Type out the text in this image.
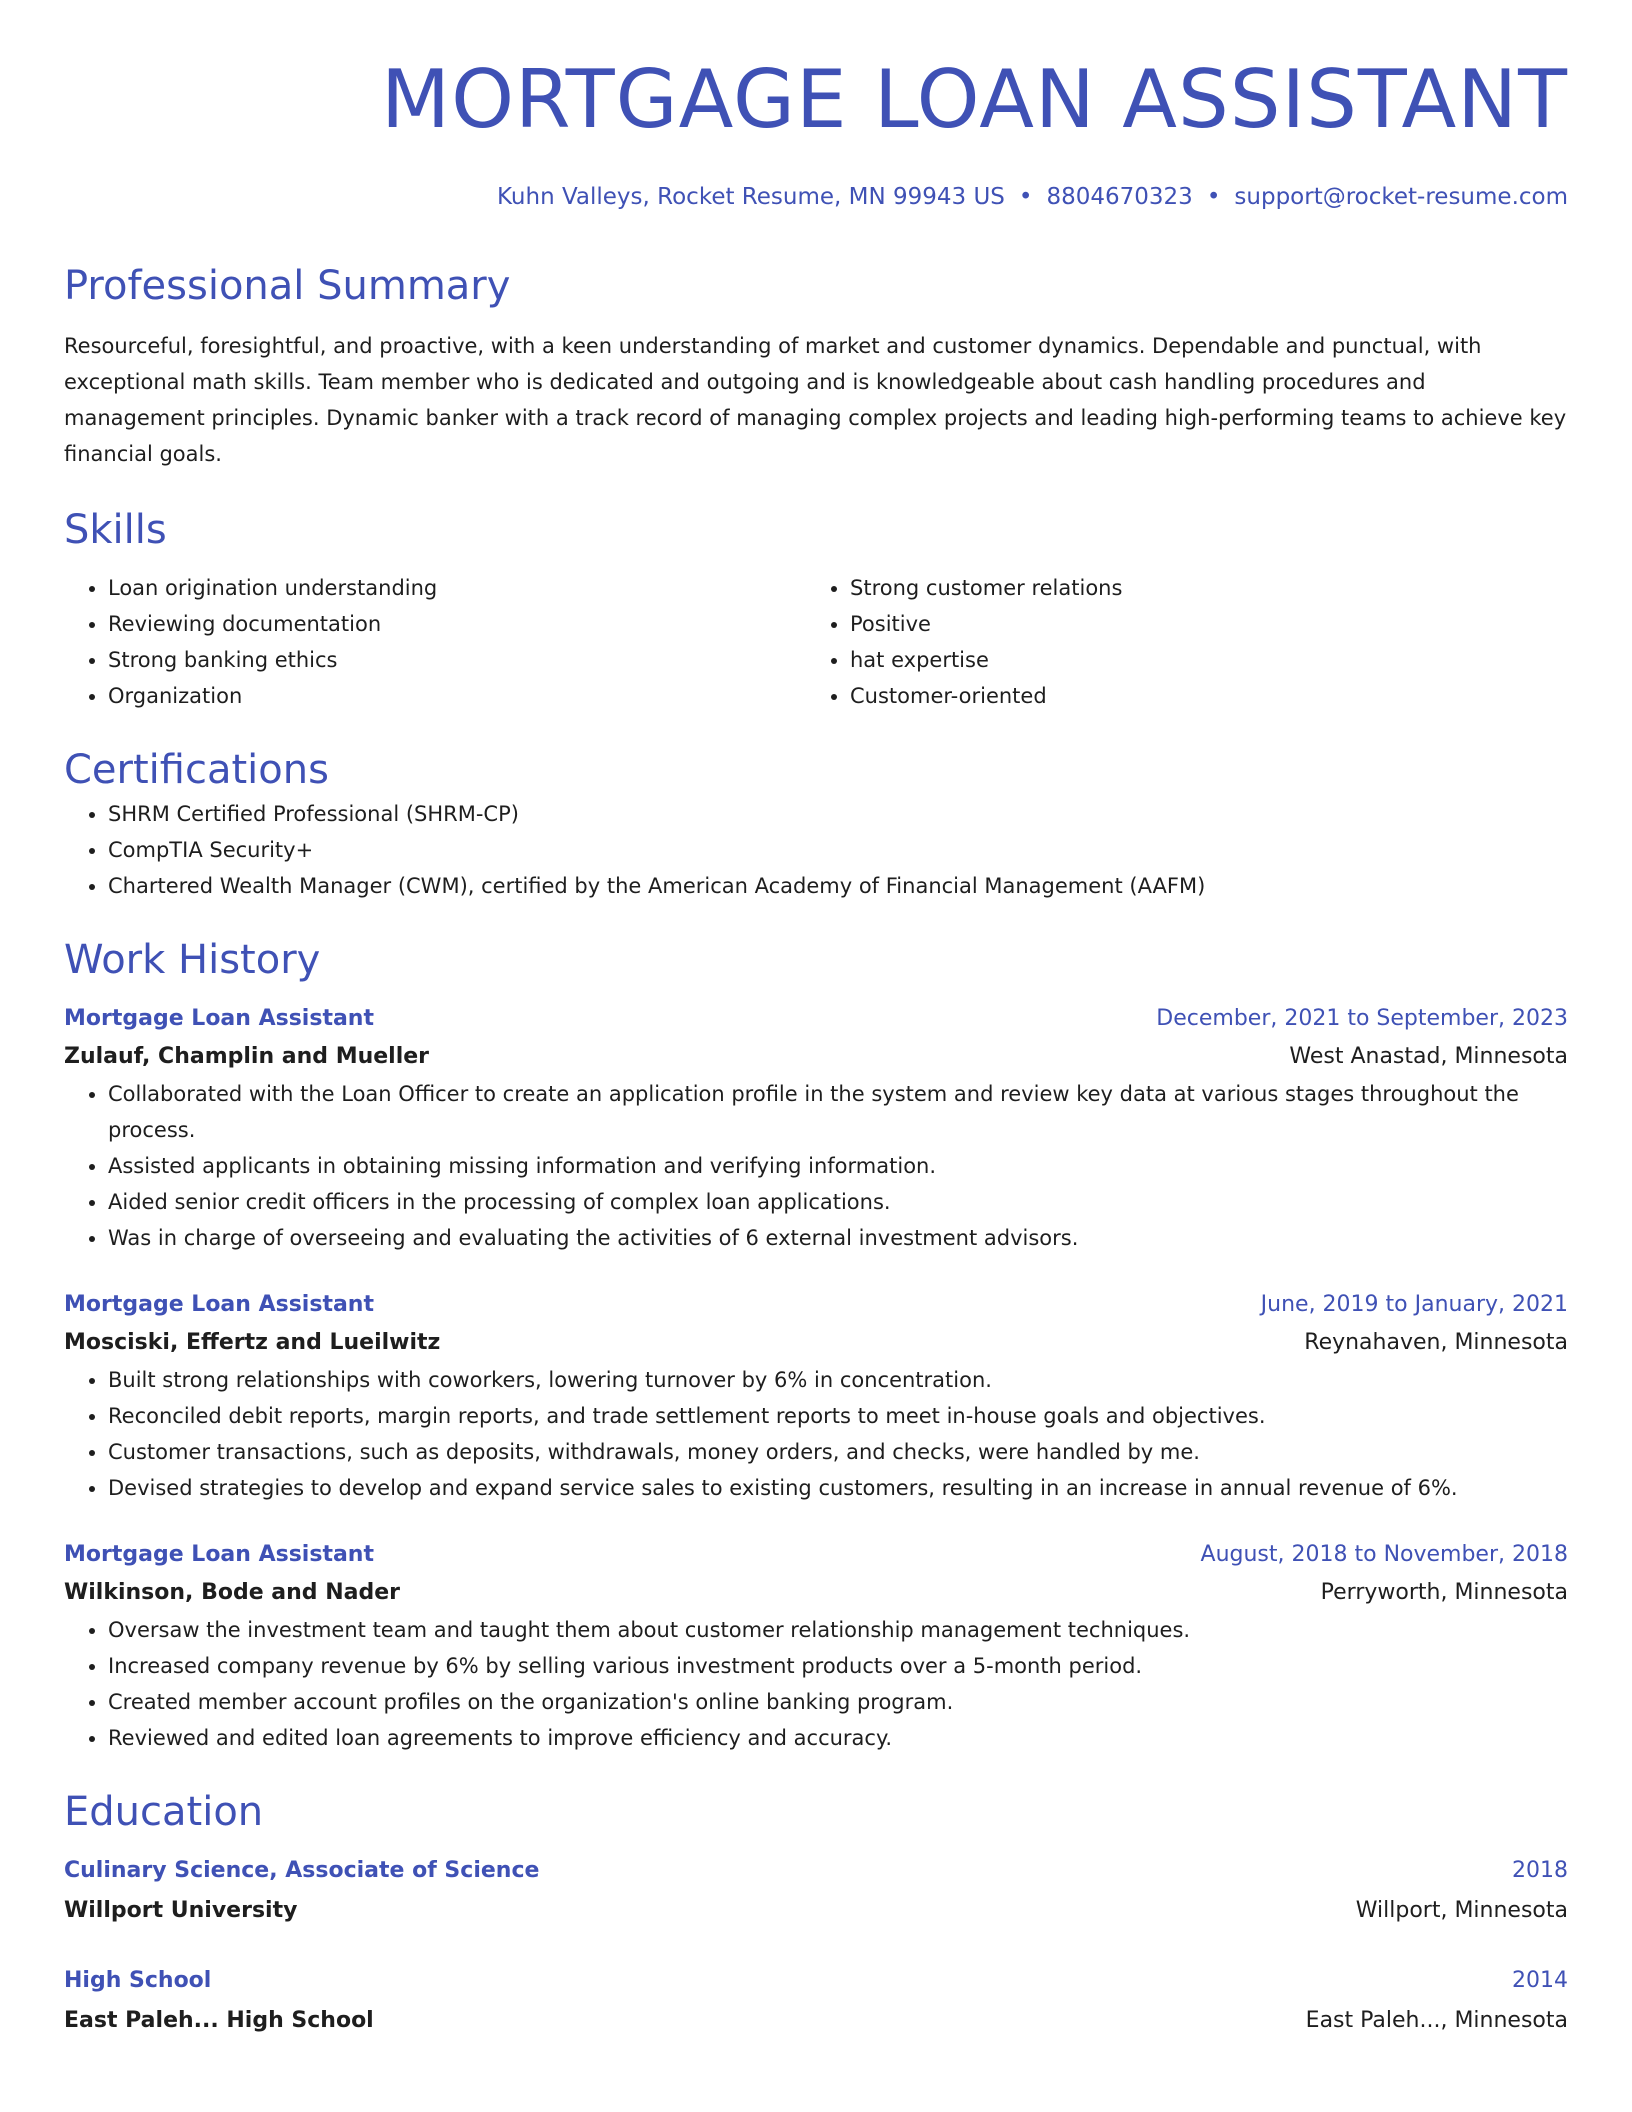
MORTGAGE LOAN ASSISTANT
Kuhn Valleys, Rocket Resume, MN 99943 US • 8804670323 • support@rocket-resume.com
Professional Summary

Resourceful, foresightful, and proactive, with a keen understanding of market and customer dynamics. Dependable and punctual, with exceptional math skills. Team member who is dedicated and outgoing and is knowledgeable about cash handling procedures and management principles. Dynamic banker with a track record of managing complex projects and leading high-performing teams to achieve key financial goals.

Skills
• Loan origination understanding
• Reviewing documentation
• Strong banking ethics
• Organization
• Strong customer relations
• Positive
• hat expertise
• Customer-oriented
Certifications
• SHRM Certified Professional (SHRM-CP)
• CompTIA Security+
• Chartered Wealth Manager (CWM), certified by the American Academy of Financial Management (AAFM)
Work History
Mortgage Loan Assistant	December, 2021 to September, 2023
Zulauf, Champlin and Mueller	West Anastad, Minnesota
• Collaborated with the Loan Officer to create an application profile in the system and review key data at various stages throughout the process.
• Assisted applicants in obtaining missing information and verifying information.
• Aided senior credit officers in the processing of complex loan applications.
• Was in charge of overseeing and evaluating the activities of 6 external investment advisors.
Mortgage Loan Assistant	June, 2019 to January, 2021
Mosciski, Effertz and Lueilwitz	Reynahaven, Minnesota
• Built strong relationships with coworkers, lowering turnover by 6% in concentration.
• Reconciled debit reports, margin reports, and trade settlement reports to meet in-house goals and objectives.
• Customer transactions, such as deposits, withdrawals, money orders, and checks, were handled by me.
• Devised strategies to develop and expand service sales to existing customers, resulting in an increase in annual revenue of 6%.
Mortgage Loan Assistant	August, 2018 to November, 2018
Wilkinson, Bode and Nader	Perryworth, Minnesota
• Oversaw the investment team and taught them about customer relationship management techniques.
• Increased company revenue by 6% by selling various investment products over a 5-month period.
• Created member account profiles on the organization's online banking program.
• Reviewed and edited loan agreements to improve efficiency and accuracy.
Education
Culinary Science, Associate of Science	2018
Willport University	Willport, Minnesota
High School	2014
East Paleh... High School	East Paleh..., Minnesota
